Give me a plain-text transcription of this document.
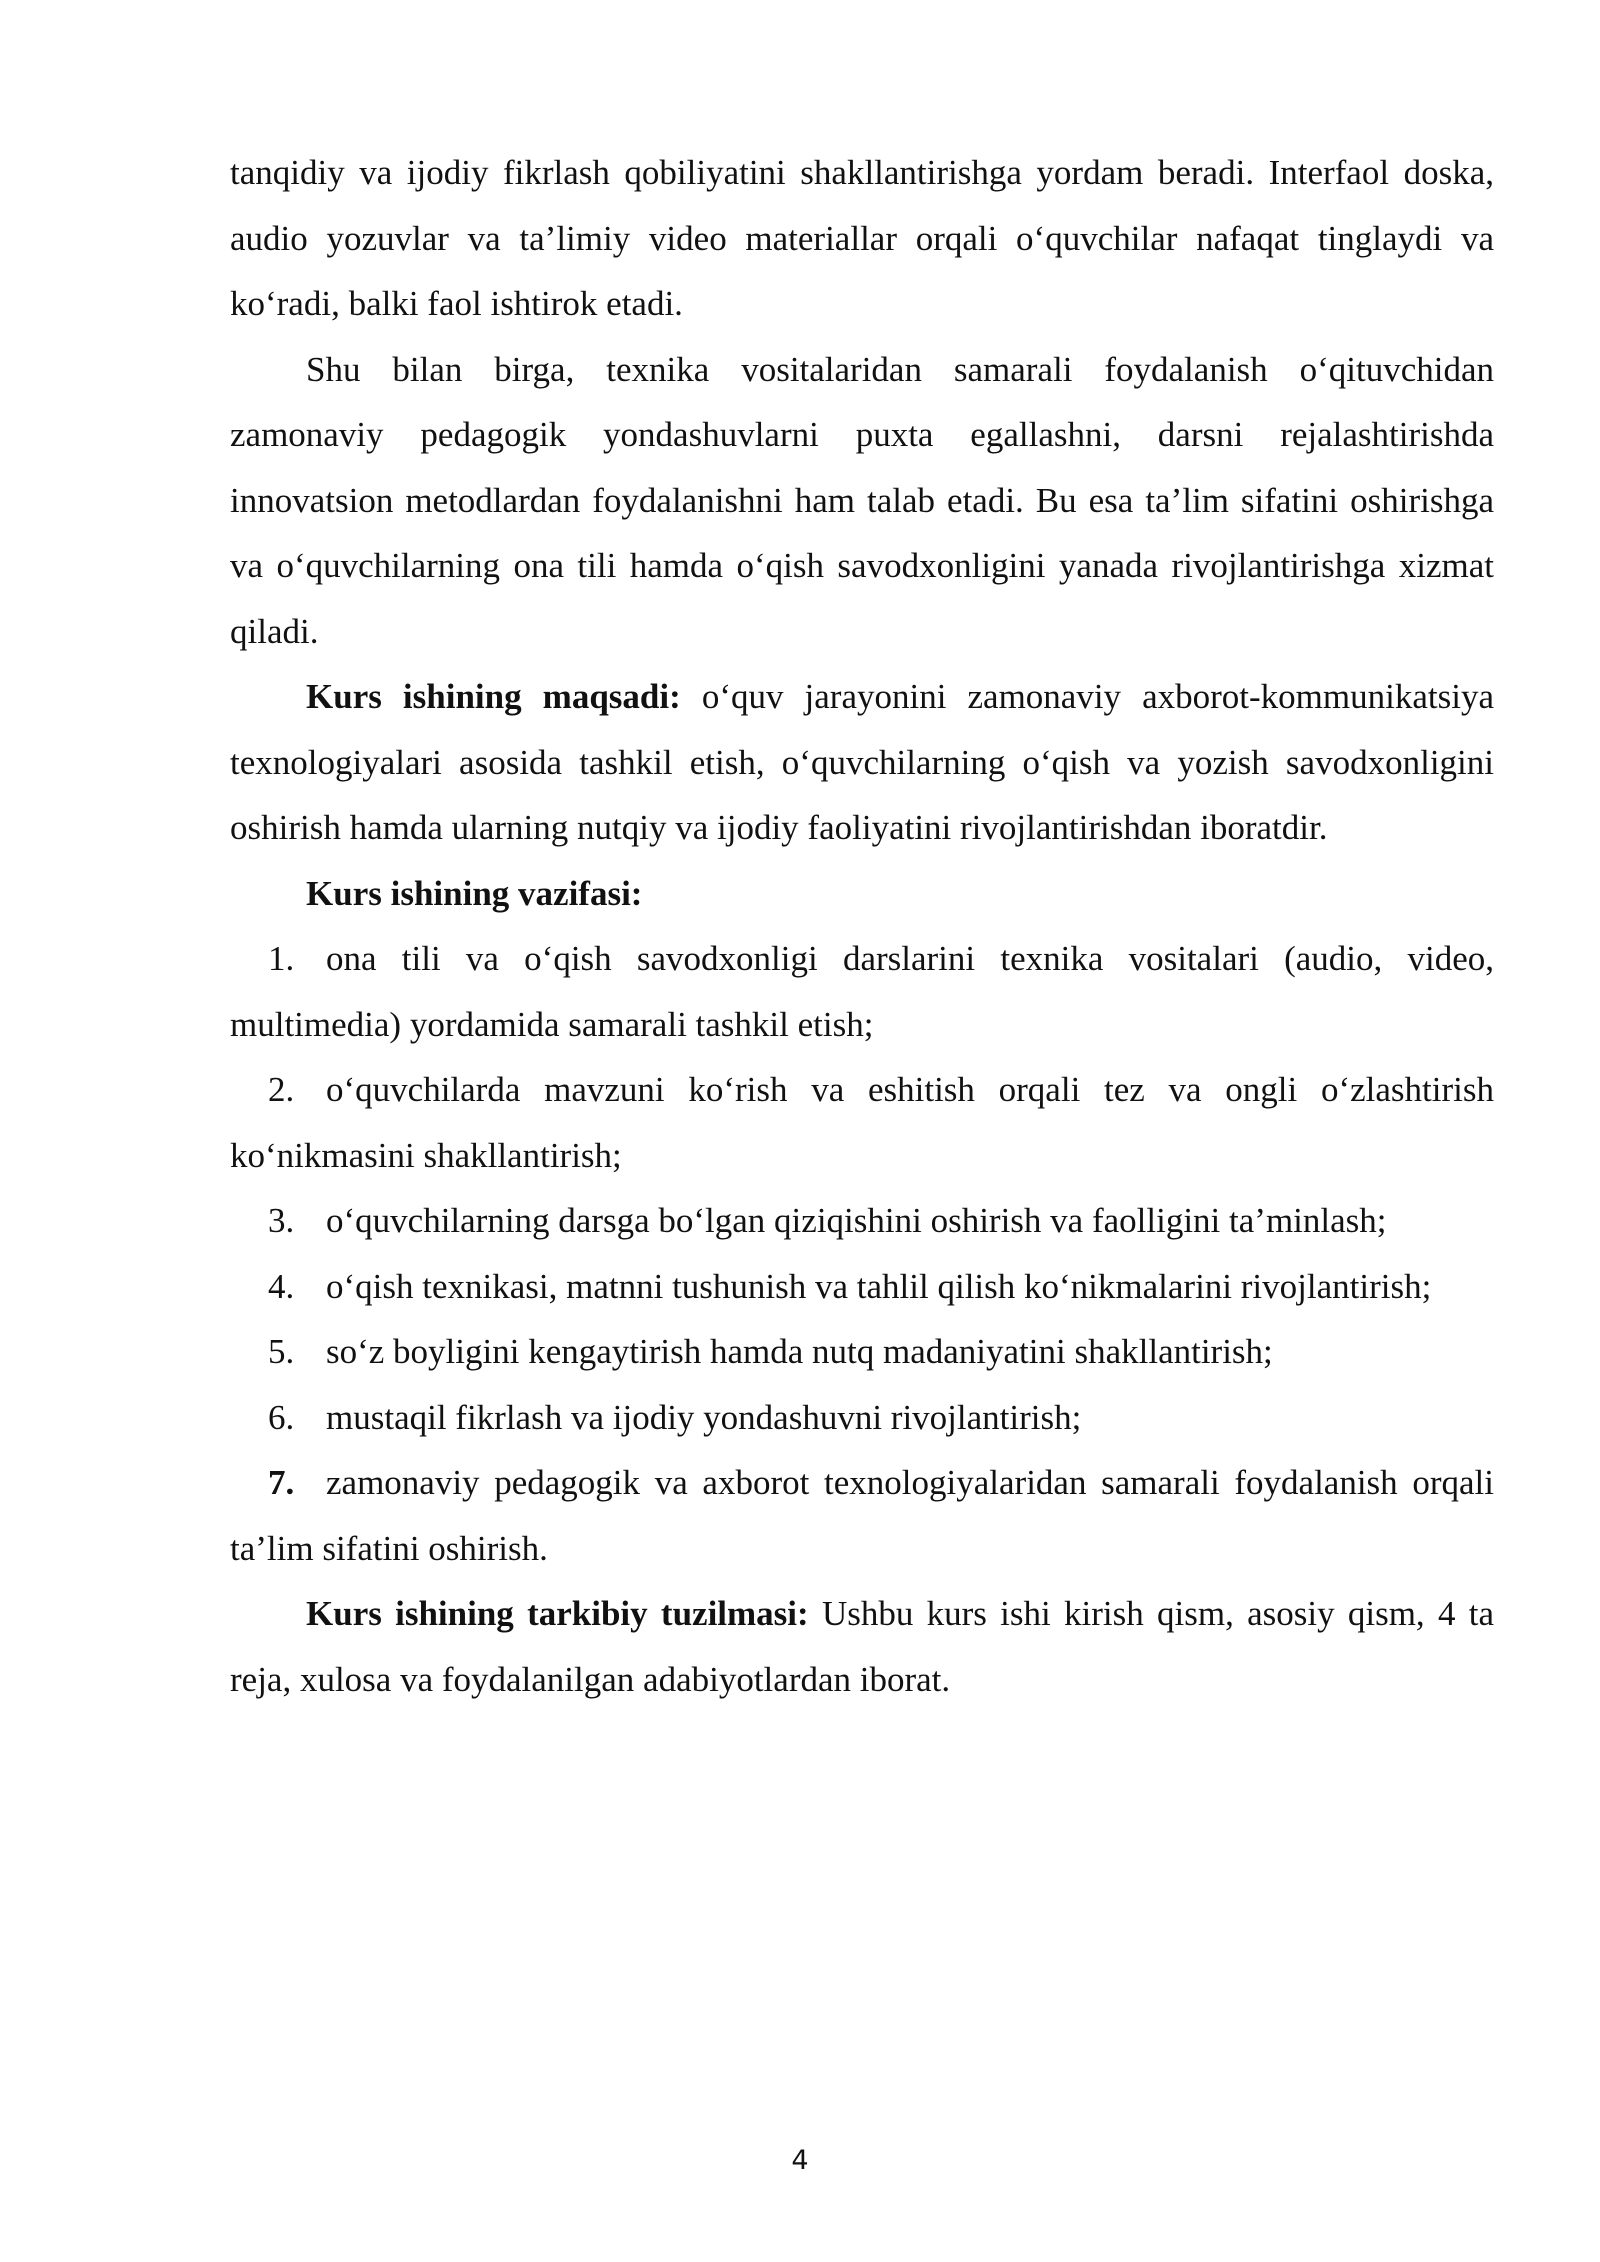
tanqidiy va ijodiy fikrlash qobiliyatini shakllantirishga yordam beradi. Interfaol doska, audio yozuvlar va ta’limiy video materiallar orqali o‘quvchilar nafaqat tinglaydi va ko‘radi, balki faol ishtirok etadi.

Shu bilan birga, texnika vositalaridan samarali foydalanish o‘qituvchidan zamonaviy pedagogik yondashuvlarni puxta egallashni, darsni rejalashtirishda innovatsion metodlardan foydalanishni ham talab etadi. Bu esa ta’lim sifatini oshirishga va o‘quvchilarning ona tili hamda o‘qish savodxonligini yanada rivojlantirishga xizmat qiladi.

Kurs ishining maqsadi: o‘quv jarayonini zamonaviy axborot-kommunikatsiya texnologiyalari asosida tashkil etish, o‘quvchilarning o‘qish va yozish savodxonligini oshirish hamda ularning nutqiy va ijodiy faoliyatini rivojlantirishdan iboratdir.

Kurs ishining vazifasi:

1. ona tili va o‘qish savodxonligi darslarini texnika vositalari (audio, video, multimedia) yordamida samarali tashkil etish;

2. o‘quvchilarda mavzuni ko‘rish va eshitish orqali tez va ongli o‘zlashtirish ko‘nikmasini shakllantirish;

3. o‘quvchilarning darsga bo‘lgan qiziqishini oshirish va faolligini ta’minlash;

4. o‘qish texnikasi, matnni tushunish va tahlil qilish ko‘nikmalarini rivojlantirish;

5. so‘z boyligini kengaytirish hamda nutq madaniyatini shakllantirish;

6. mustaqil fikrlash va ijodiy yondashuvni rivojlantirish;

7. zamonaviy pedagogik va axborot texnologiyalaridan samarali foydalanish orqali ta’lim sifatini oshirish.

Kurs ishining tarkibiy tuzilmasi: Ushbu kurs ishi kirish qism, asosiy qism, 4 ta reja, xulosa va foydalanilgan adabiyotlardan iborat.

4
